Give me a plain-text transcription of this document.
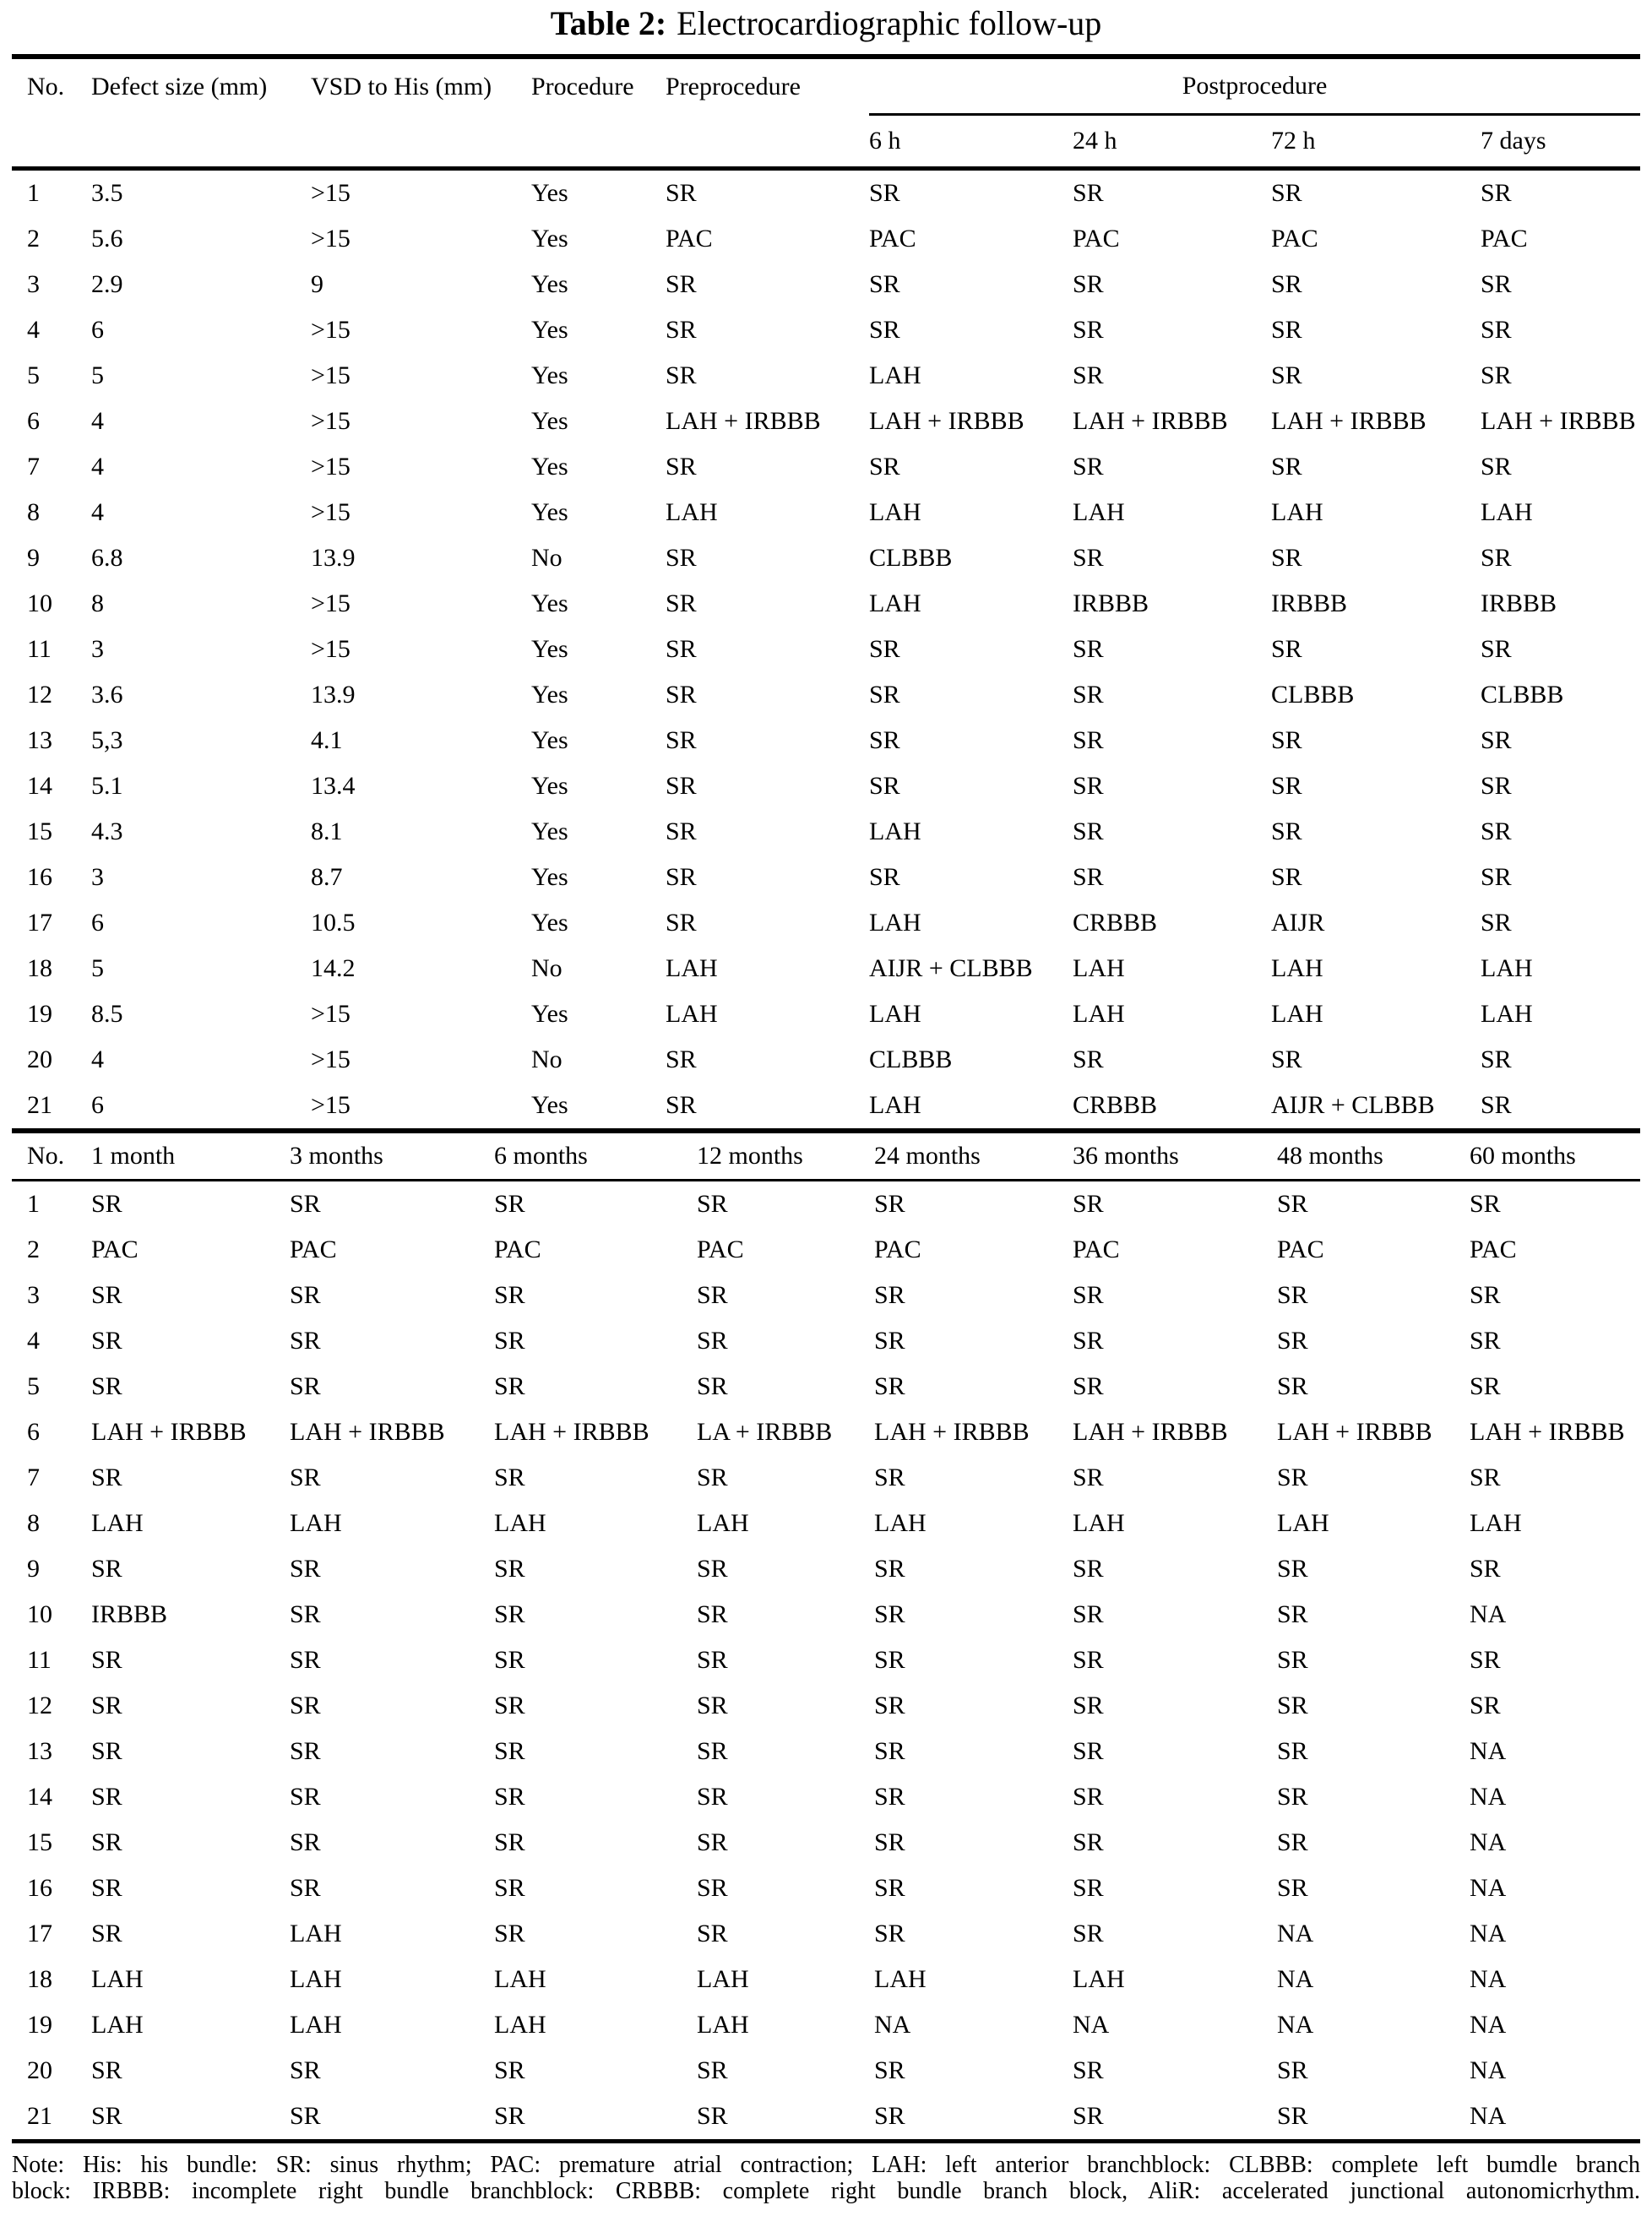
Table 2: Electrocardiographic follow-up
No.	Defect size (mm)	VSD to His (mm)	Procedure	Preprocedure	Postprocedure			
					6 h	24 h	72 h	7 days
1	3.5	>15	Yes	SR	SR	SR	SR	SR
2	5.6	>15	Yes	PAC	PAC	PAC	PAC	PAC
3	2.9	9	Yes	SR	SR	SR	SR	SR
4	6	>15	Yes	SR	SR	SR	SR	SR
5	5	>15	Yes	SR	LAH	SR	SR	SR
6	4	>15	Yes	LAH + IRBBB	LAH + IRBBB	LAH + IRBBB	LAH + IRBBB	LAH + IRBBB
7	4	>15	Yes	SR	SR	SR	SR	SR
8	4	>15	Yes	LAH	LAH	LAH	LAH	LAH
9	6.8	13.9	No	SR	CLBBB	SR	SR	SR
10	8	>15	Yes	SR	LAH	IRBBB	IRBBB	IRBBB
11	3	>15	Yes	SR	SR	SR	SR	SR
12	3.6	13.9	Yes	SR	SR	SR	CLBBB	CLBBB
13	5,3	4.1	Yes	SR	SR	SR	SR	SR
14	5.1	13.4	Yes	SR	SR	SR	SR	SR
15	4.3	8.1	Yes	SR	LAH	SR	SR	SR
16	3	8.7	Yes	SR	SR	SR	SR	SR
17	6	10.5	Yes	SR	LAH	CRBBB	AIJR	SR
18	5	14.2	No	LAH	AIJR + CLBBB	LAH	LAH	LAH
19	8.5	>15	Yes	LAH	LAH	LAH	LAH	LAH
20	4	>15	No	SR	CLBBB	SR	SR	SR
21	6	>15	Yes	SR	LAH	CRBBB	AIJR + CLBBB	SR
No.	1 month	3 months	6 months	12 months	24 months	36 months	48 months	60 months
1	SR	SR	SR	SR	SR	SR	SR	SR
2	PAC	PAC	PAC	PAC	PAC	PAC	PAC	PAC
3	SR	SR	SR	SR	SR	SR	SR	SR
4	SR	SR	SR	SR	SR	SR	SR	SR
5	SR	SR	SR	SR	SR	SR	SR	SR
6	LAH + IRBBB	LAH + IRBBB	LAH + IRBBB	LA + IRBBB	LAH + IRBBB	LAH + IRBBB	LAH + IRBBB	LAH + IRBBB
7	SR	SR	SR	SR	SR	SR	SR	SR
8	LAH	LAH	LAH	LAH	LAH	LAH	LAH	LAH
9	SR	SR	SR	SR	SR	SR	SR	SR
10	IRBBB	SR	SR	SR	SR	SR	SR	NA
11	SR	SR	SR	SR	SR	SR	SR	SR
12	SR	SR	SR	SR	SR	SR	SR	SR
13	SR	SR	SR	SR	SR	SR	SR	NA
14	SR	SR	SR	SR	SR	SR	SR	NA
15	SR	SR	SR	SR	SR	SR	SR	NA
16	SR	SR	SR	SR	SR	SR	SR	NA
17	SR	LAH	SR	SR	SR	SR	NA	NA
18	LAH	LAH	LAH	LAH	LAH	LAH	NA	NA
19	LAH	LAH	LAH	LAH	NA	NA	NA	NA
20	SR	SR	SR	SR	SR	SR	SR	NA
21	SR	SR	SR	SR	SR	SR	SR	NA
Note: His: his bundle: SR: sinus rhythm; PAC: premature atrial contraction; LAH: left anterior branchblock: CLBBB: complete left bumdle branch
block: IRBBB: incomplete right bundle branchblock: CRBBB: complete right bundle branch block, AliR: accelerated junctional autonomicrhythm.
